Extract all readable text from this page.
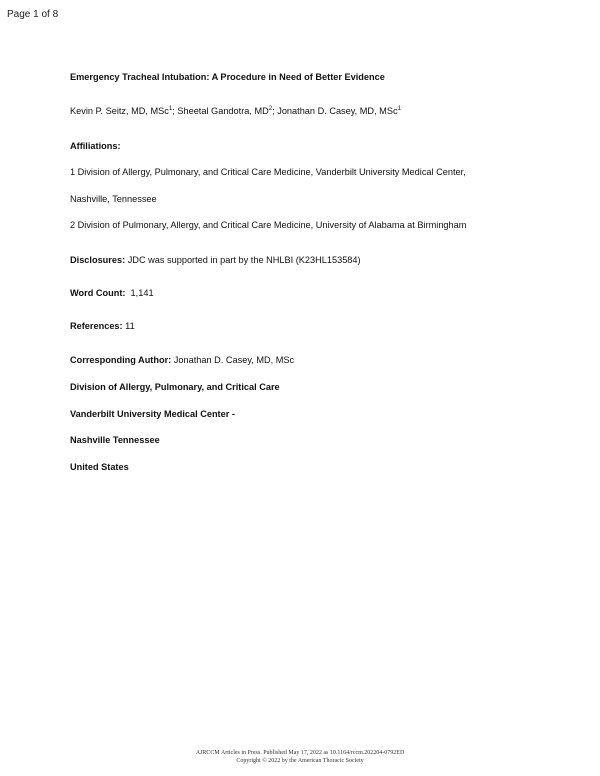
Page 1 of 8
Emergency Tracheal Intubation: A Procedure in Need of Better Evidence
Kevin P. Seitz, MD, MSc$^1$; Sheetal Gandotra, $MD^2$; Jonathan D. Casey, MD, MSc$^1$
Affiliations:
1 Division of Allergy, Pulmonary, and Critical Care Medicine, Vanderbilt University Medical Center,
Nashville, Tennessee
2 Division of Pulmonary, Allergy, and Critical Care Medicine, University of Alabama at Birmingham
Disclosures: JDC was supported in part by the NHLBI (K23HL153584)
Word Count:  1,141
References: 11
Corresponding Author: Jonathan D. Casey, MD, MSc
Division of Allergy, Pulmonary, and Critical Care
Vanderbilt University Medical Center -
Nashville Tennessee
United States
AJRCCM Articles in Press. Published May 17, 2022 as 10.1164/rccm.202204-0792ED
Copyright © 2022 by the American Thoracic Society
